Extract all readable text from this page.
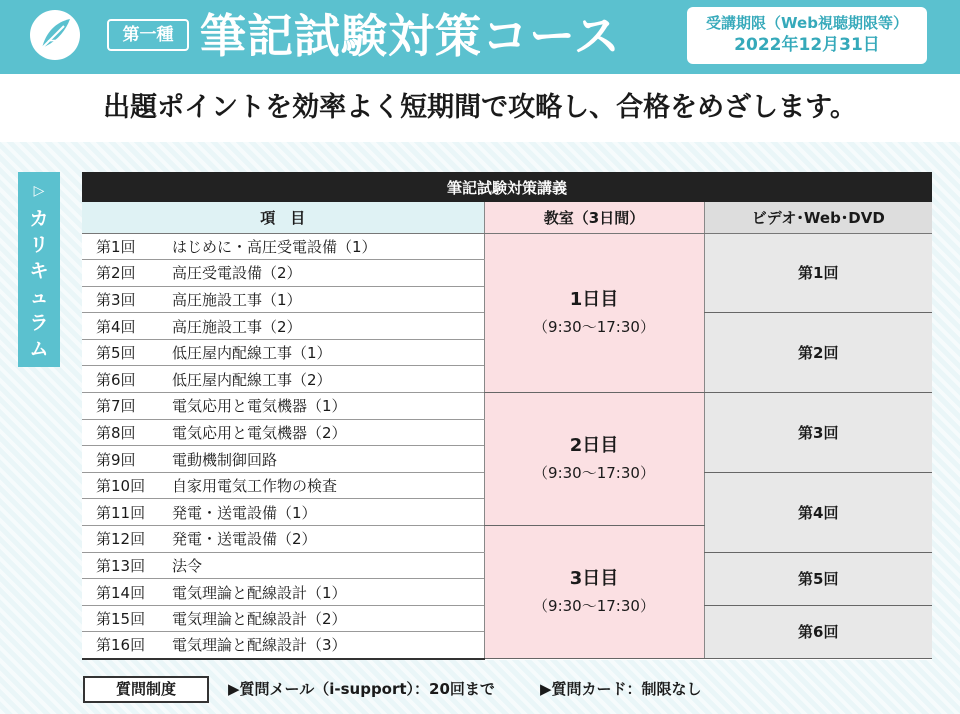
第一種 筆記試験対策コース	受講期限（Web視聴期限等）
2022年12月31日
出題ポイントを効率よく短期間で攻略し、合格をめざします。
▷
カリキュラム
筆記試験対策講義		
項　目	教室（3日間）	ビデオ･Web･DVD
第1回 はじめに・高圧受電設備（1）	1日目
（9:30〜17:30）	第1回
第2回 高圧受電設備（2）		
第3回 高圧施設工事（1）		
第4回 高圧施設工事（2）		第2回
第5回 低圧屋内配線工事（1）		
第6回 低圧屋内配線工事（2）		
第7回 電気応用と電気機器（1）	2日目
（9:30〜17:30）	第3回
第8回 電気応用と電気機器（2）		
第9回 電動機制御回路		
第10回 自家用電気工作物の検査		第4回
第11回 発電・送電設備（1）		
第12回 発電・送電設備（2）	3日目
（9:30〜17:30）	

第13回 法令		第5回
第14回 電気理論と配線設計（1）		
第15回 電気理論と配線設計（2）		第6回
第16回 電気理論と配線設計（3）		
質問制度	▶質問メール（i-support）：20回まで	▶質問カード：制限なし
